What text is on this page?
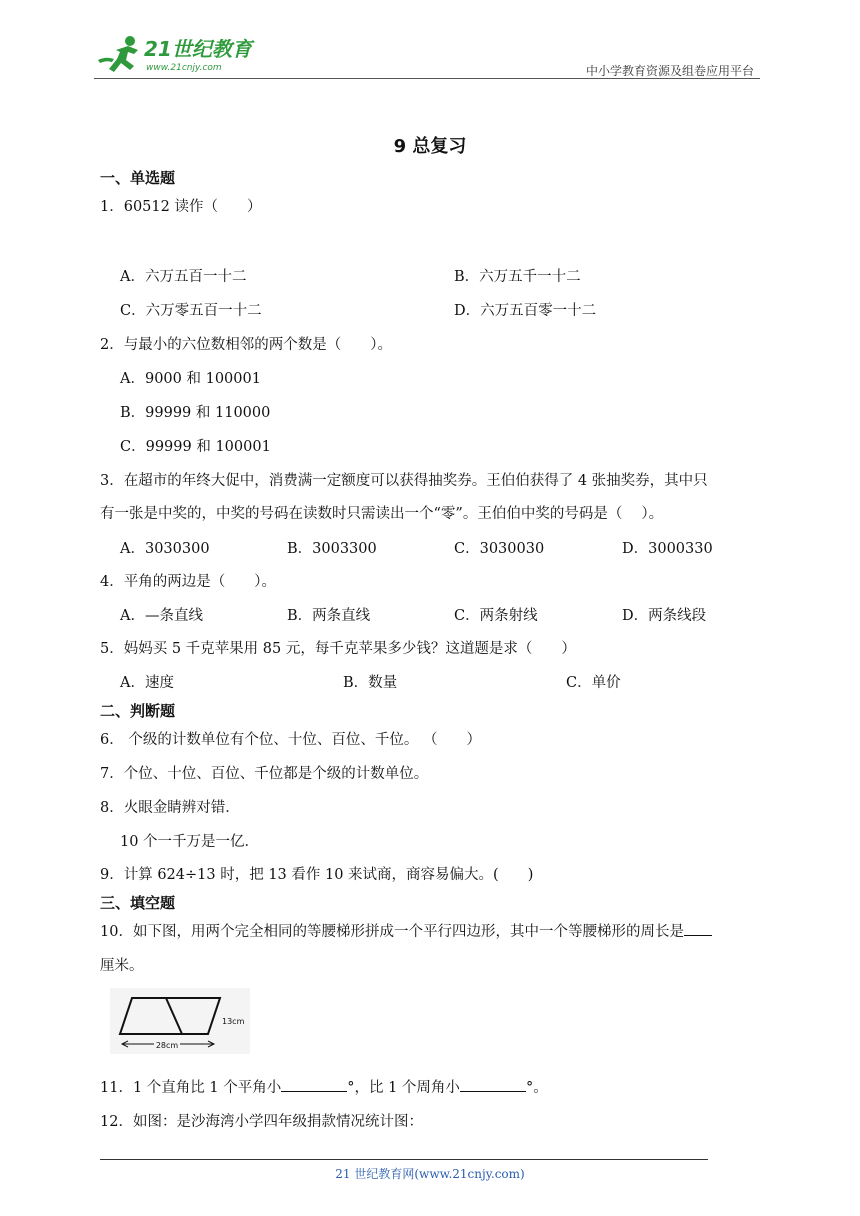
21世纪教育
www.21cnjy.com	中小学教育资源及组卷应用平台
9 总复习
一、单选题
1．60512 读作（　　）
A．六万五百一十二	B．六万五千一十二
C．六万零五百一十二	D．六万五百零一十二
2．与最小的六位数相邻的两个数是（　　）。
A．9000 和 100001
B．99999 和 110000
C．99999 和 100001
3．在超市的年终大促中，消费满一定额度可以获得抽奖券。王伯伯获得了 4 张抽奖券，其中只
有一张是中奖的，中奖的号码在读数时只需读出一个“零”。王伯伯中奖的号码是（　 ）。
A．3030300	B．3003300	C．3030030	D．3000330
4．平角的两边是（　　）。
A．—条直线	B．两条直线	C．两条射线	D．两条线段
5．妈妈买 5 千克苹果用 85 元，每千克苹果多少钱？这道题是求（　　）
A．速度	B．数量	C．单价
二、判断题
6． 个级的计数单位有个位、十位、百位、千位。 （　　）
7．个位、十位、百位、千位都是个级的计数单位。
8．火眼金睛辨对错．
10 个一千万是一亿．
9．计算 624÷13 时，把 13 看作 10 来试商，商容易偏大。(　　)
三、填空题
10．如下图，用两个完全相同的等腰梯形拼成一个平行四边形，其中一个等腰梯形的周长是
厘米。
28cm
13cm
11．1 个直角比 1 个平角小	°，比 1 个周角小	°。
12．如图：是沙海湾小学四年级捐款情况统计图：
21 世纪教育网(www.21cnjy.com)
